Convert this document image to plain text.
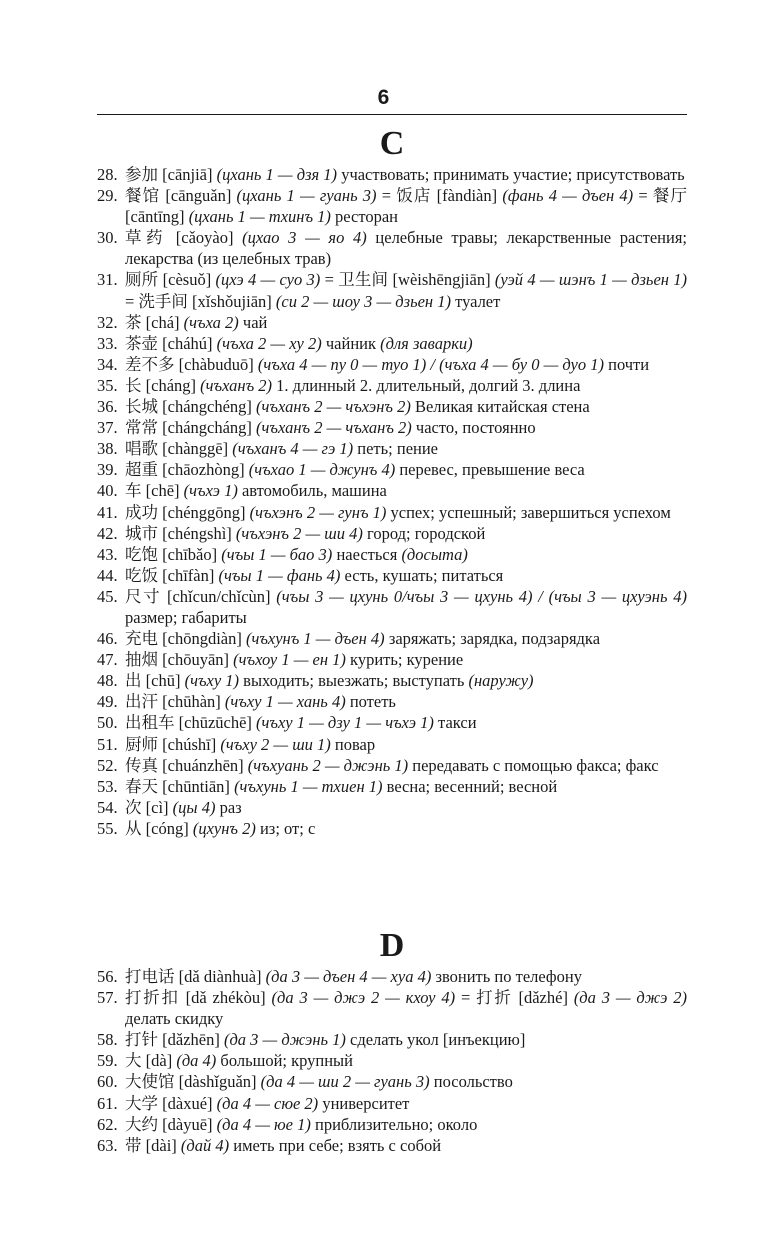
6
C
28. 参加 [cānjiā] (цхань 1 — дзя 1) участвовать; принимать участие; присутствовать
29. 餐馆 [cānguǎn] (цхань 1 — гуань 3) = 饭店 [fàndiàn] (фань 4 — дъен 4) = 餐厅 [cāntīng] (цхань 1 — тхинъ 1) ресторан
30. 草药 [cǎoyào] (цхао 3 — яо 4) целебные травы; лекарственные растения; лекарства (из целебных трав)
31. 厕所 [cèsuǒ] (цхэ 4 — суо 3) = 卫生间 [wèishēngjiān] (уэй 4 — шэнъ 1 — дзьен 1) = 洗手间 [xǐshǒujiān] (си 2 — шоу 3 — дзьен 1) туалет
32. 茶 [chá] (чъха 2) чай
33. 茶壶 [cháhú] (чъха 2 — ху 2) чайник (для заварки)
34. 差不多 [chàbuduō] (чъха 4 — пу 0 — туо 1) / (чъха 4 — бу 0 — дуо 1) почти
35. 长 [cháng] (чъханъ 2) 1. длинный 2. длительный, долгий 3. длина
36. 长城 [chángchéng] (чъханъ 2 — чъхэнъ 2) Великая китайская стена
37. 常常 [chángcháng] (чъханъ 2 — чъханъ 2) часто, постоянно
38. 唱歌 [chànggē] (чъханъ 4 — гэ 1) петь; пение
39. 超重 [chāozhòng] (чъхао 1 — джунъ 4) перевес, превышение веса
40. 车 [chē] (чъхэ 1) автомобиль, машина
41. 成功 [chénggōng] (чъхэнъ 2 — гунъ 1) успех; успешный; завершиться успехом
42. 城市 [chéngshì] (чъхэнъ 2 — ши 4) город; городской
43. 吃饱 [chībǎo] (чъы 1 — бао 3) наесться (досыта)
44. 吃饭 [chīfàn] (чъы 1 — фань 4) есть, кушать; питаться
45. 尺寸 [chǐcun/chǐcùn] (чъы 3 — цхунь 0/чъы 3 — цхунь 4) / (чъы 3 — цхуэнь 4) размер; габариты
46. 充电 [chōngdiàn] (чъхунъ 1 — дъен 4) заряжать; зарядка, подзарядка
47. 抽烟 [chōuyān] (чъхоу 1 — ен 1) курить; курение
48. 出 [chū] (чъху 1) выходить; выезжать; выступать (наружу)
49. 出汗 [chūhàn] (чъху 1 — хань 4) потеть
50. 出租车 [chūzūchē] (чъху 1 — дзу 1 — чъхэ 1) такси
51. 厨师 [chúshī] (чъху 2 — ши 1) повар
52. 传真 [chuánzhēn] (чъхуань 2 — джэнь 1) передавать с помощью факса; факс
53. 春天 [chūntiān] (чъхунь 1 — тхиен 1) весна; весенний; весной
54. 次 [cì] (цы 4) раз
55. 从 [cóng] (цхунъ 2) из; от; с
D
56. 打电话 [dǎ diànhuà] (да 3 — дъен 4 — хуа 4) звонить по телефону
57. 打折扣 [dǎ zhékòu] (да 3 — джэ 2 — кхоу 4) = 打折 [dǎzhé] (да 3 — джэ 2) делать скидку
58. 打针 [dǎzhēn] (да 3 — джэнь 1) сделать укол [инъекцию]
59. 大 [dà] (да 4) большой; крупный
60. 大使馆 [dàshǐguǎn] (да 4 — ши 2 — гуань 3) посольство
61. 大学 [dàxué] (да 4 — сюе 2) университет
62. 大约 [dàyuē] (да 4 — юе 1) приблизительно; около
63. 带 [dài] (дай 4) иметь при себе; взять с собой
